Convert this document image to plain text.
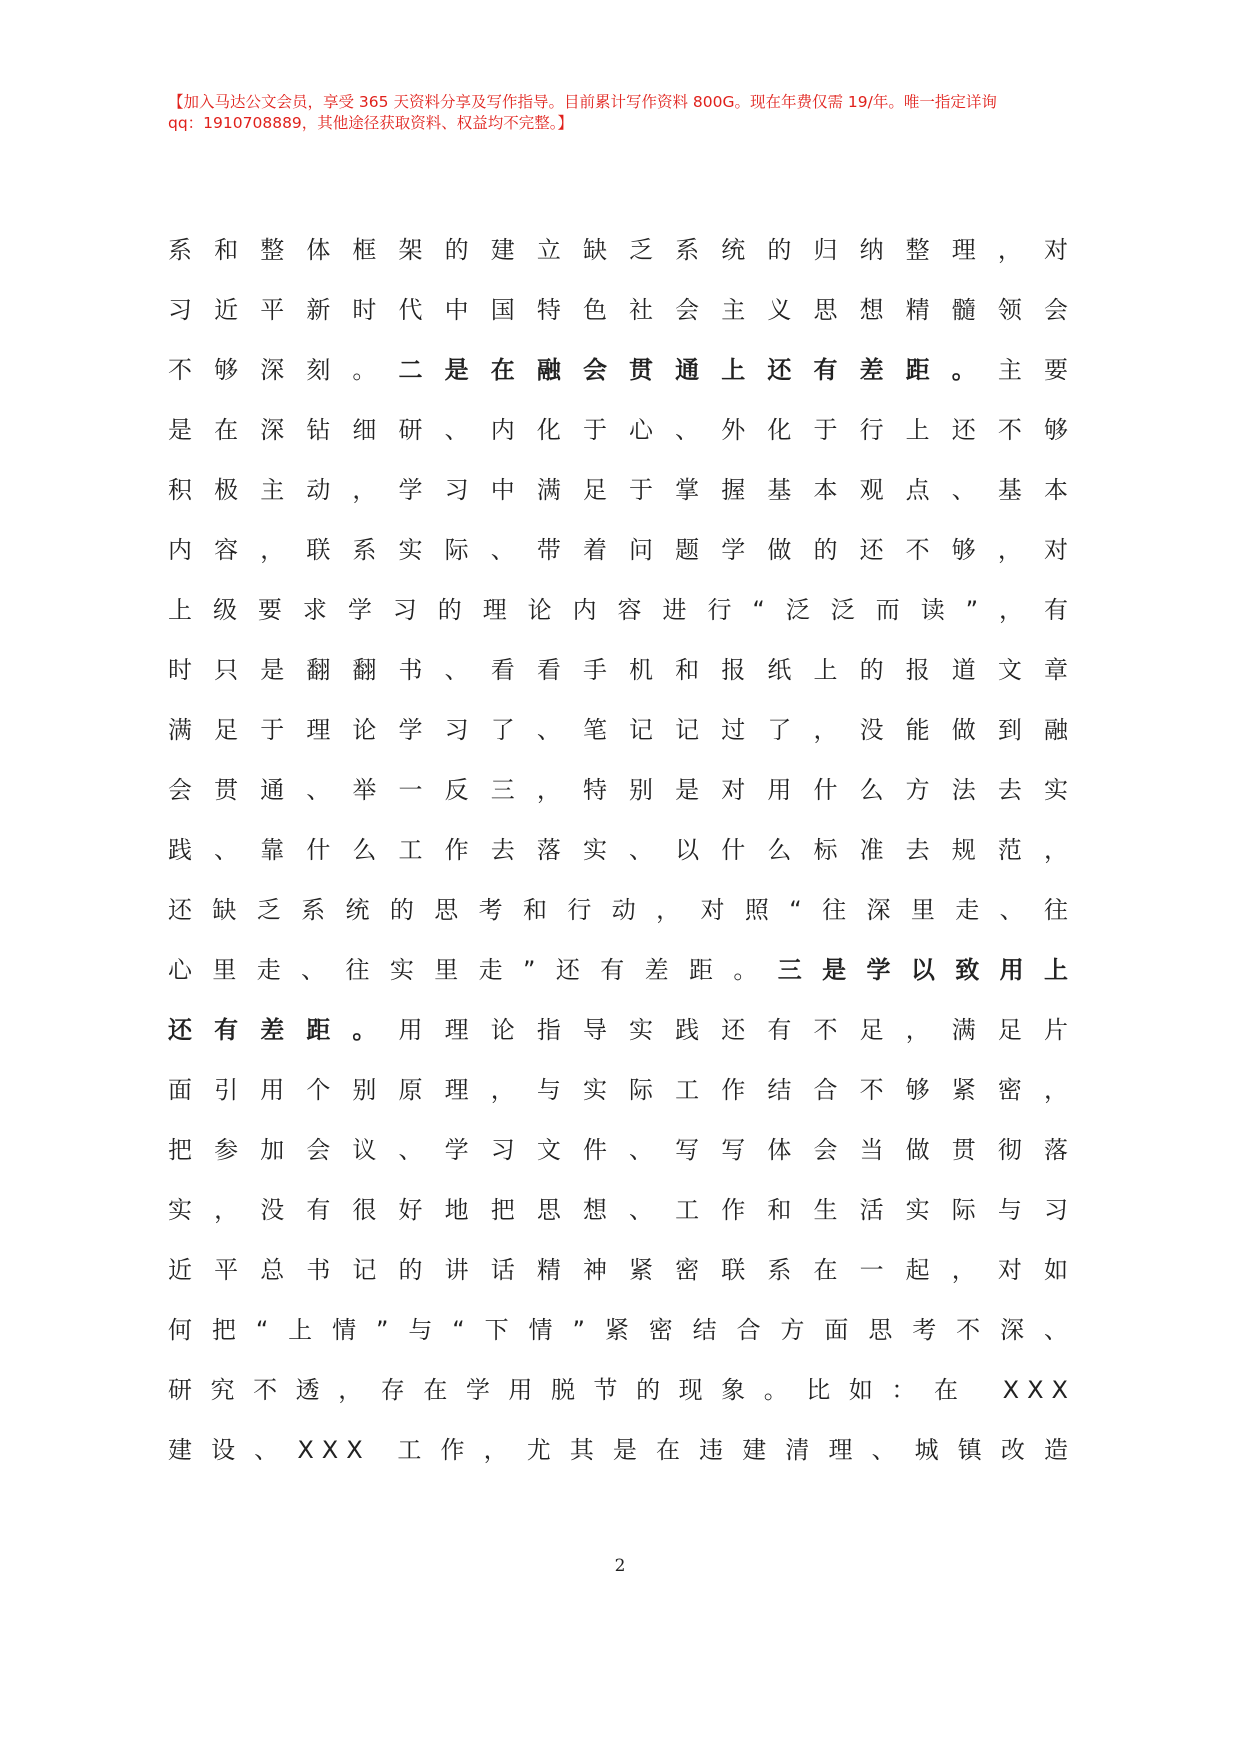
【加入马达公文会员，享受 365 天资料分享及写作指导。目前累计写作资料 800G。现在年费仅需 19/年。唯一指定详询
qq：1910708889，其他途径获取资料、权益均不完整。】
系和整体框架的建立缺乏系统的归纳整理，对
习近平新时代中国特色社会主义思想精髓领会
不够深刻。二是在融会贯通上还有差距。主要
是在深钻细研、内化于心、外化于行上还不够
积极主动，学习中满足于掌握基本观点、基本
内容，联系实际、带着问题学做的还不够，对
上级要求学习的理论内容进行“泛泛而读”，有
时只是翻翻书、看看手机和报纸上的报道文章
满足于理论学习了、笔记记过了，没能做到融
会贯通、举一反三，特别是对用什么方法去实
践、靠什么工作去落实、以什么标准去规范，
还缺乏系统的思考和行动，对照“往深里走、往
心里走、往实里走”还有差距。三是学以致用上
还有差距。用理论指导实践还有不足，满足片
面引用个别原理，与实际工作结合不够紧密，
把参加会议、学习文件、写写体会当做贯彻落
实，没有很好地把思想、工作和生活实际与习
近平总书记的讲话精神紧密联系在一起，对如
何把“上情”与“下情”紧密结合方面思考不深、
研究不透，存在学用脱节的现象。比如：在 XXX
建设、XXX 工作，尤其是在违建清理、城镇改造
2
